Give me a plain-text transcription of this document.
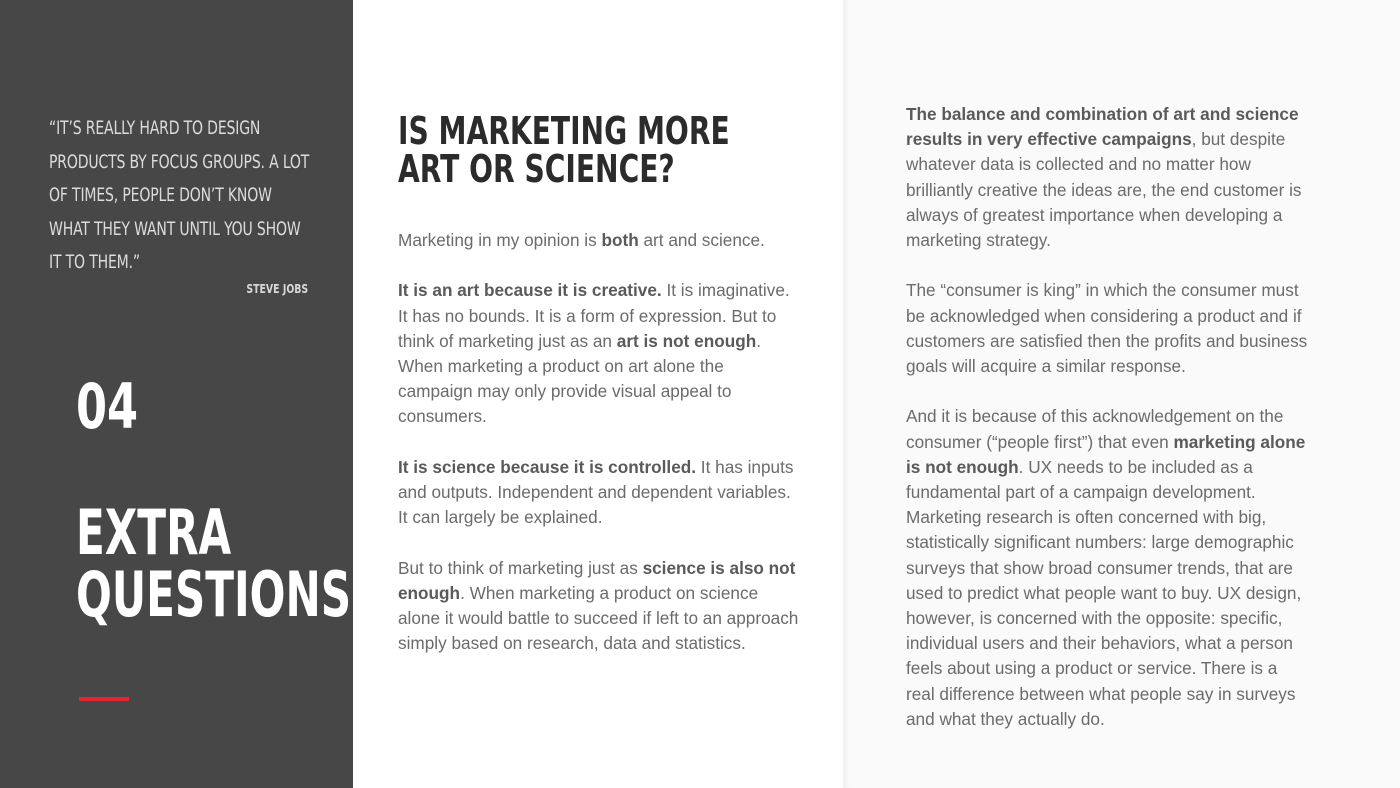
“IT’S REALLY HARD TO DESIGN PRODUCTS BY FOCUS GROUPS. A LOT OF TIMES, PEOPLE DON’T KNOW WHAT THEY WANT UNTIL YOU SHOW IT TO THEM.”

STEVE JOBS

04

EXTRA
QUESTIONS

IS MARKETING MORE ART OR SCIENCE?

Marketing in my opinion is both art and science.

It is an art because it is creative. It is imaginative. It has no bounds. It is a form of expression. But to think of marketing just as an art is not enough. When marketing a product on art alone the campaign may only provide visual appeal to consumers.

It is science because it is controlled. It has inputs and outputs. Independent and dependent variables. It can largely be explained.

But to think of marketing just as science is also not enough. When marketing a product on science alone it would battle to succeed if left to an approach simply based on research, data and statistics.

The balance and combination of art and science results in very effective campaigns, but despite whatever data is collected and no matter how brilliantly creative the ideas are, the end customer is always of greatest importance when developing a marketing strategy.

The “consumer is king” in which the consumer must be acknowledged when considering a product and if customers are satisfied then the profits and business goals will acquire a similar response.

And it is because of this acknowledgement on the consumer (“people first”) that even marketing alone is not enough. UX needs to be included as a fundamental part of a campaign development. Marketing research is often concerned with big, statistically significant numbers: large demographic surveys that show broad consumer trends, that are used to predict what people want to buy. UX design, however, is concerned with the opposite: specific, individual users and their behaviors, what a person feels about using a product or service. There is a real difference between what people say in surveys and what they actually do.
